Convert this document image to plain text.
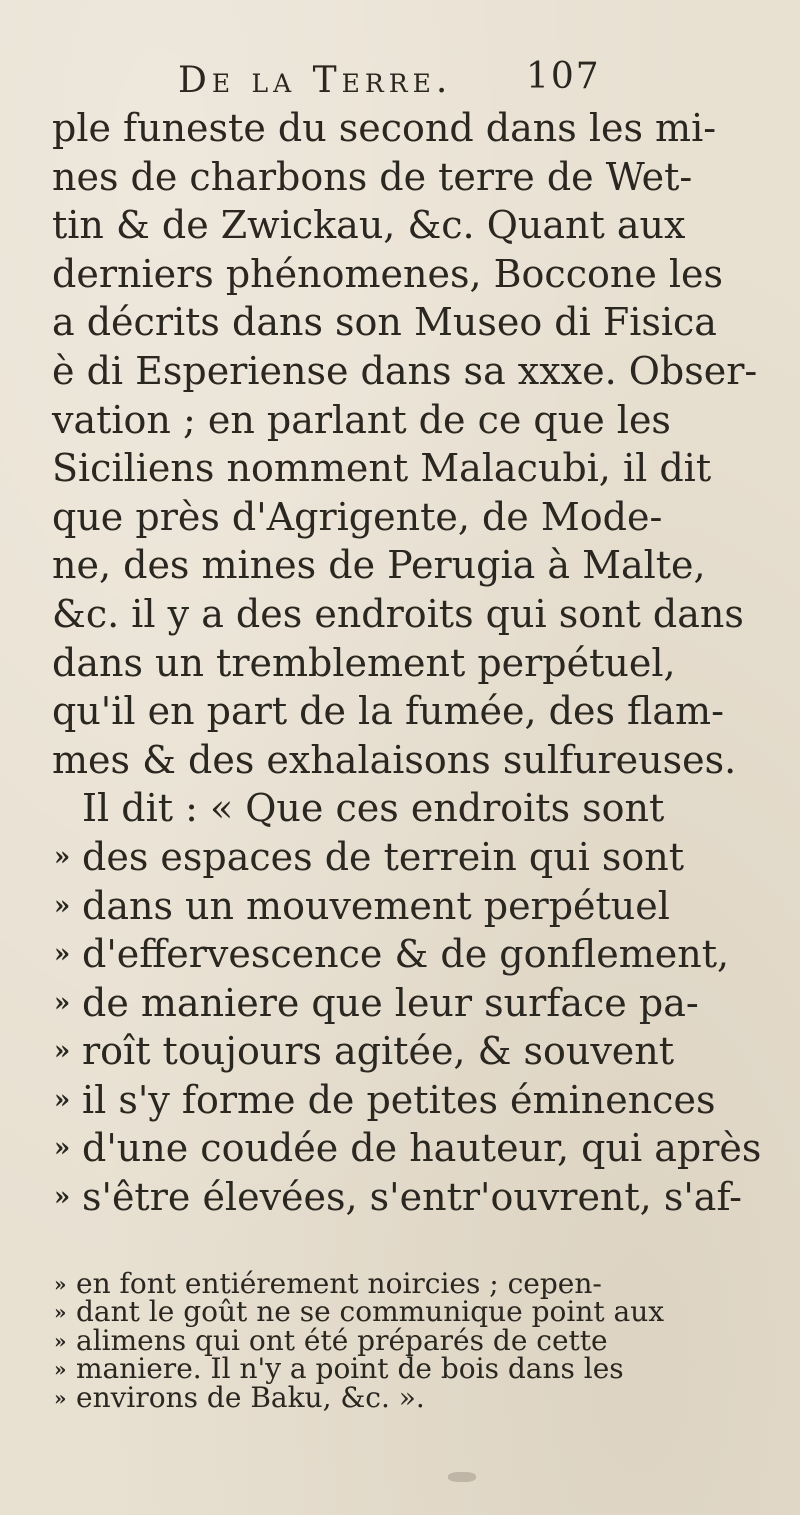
De la Terre. 107
ple funeste du second dans les mi-
nes de charbons de terre de Wet-
tin & de Zwickau, &c. Quant aux
derniers phénomenes, Boccone les
a décrits dans son Museo di Fisica
è di Esperiense dans sa xxxe. Obser-
vation ; en parlant de ce que les
Siciliens nomment Malacubi, il dit
que près d'Agrigente, de Mode-
ne, des mines de Perugia à Malte,
&c. il y a des endroits qui sont dans
dans un tremblement perpétuel,
qu'il en part de la fumée, des flam-
mes & des exhalaisons sulfureuses.
Il dit : « Que ces endroits sont
» des espaces de terrein qui sont
» dans un mouvement perpétuel
» d'effervescence & de gonflement,
» de maniere que leur surface pa-
» roît toujours agitée, & souvent
» il s'y forme de petites éminences
» d'une coudée de hauteur, qui après
» s'être élevées, s'entr'ouvrent, s'af-
» en font entiérement noircies ; cepen-
» dant le goût ne se communique point aux
» alimens qui ont été préparés de cette
» maniere. Il n'y a point de bois dans les
» environs de Baku, &c. ».
